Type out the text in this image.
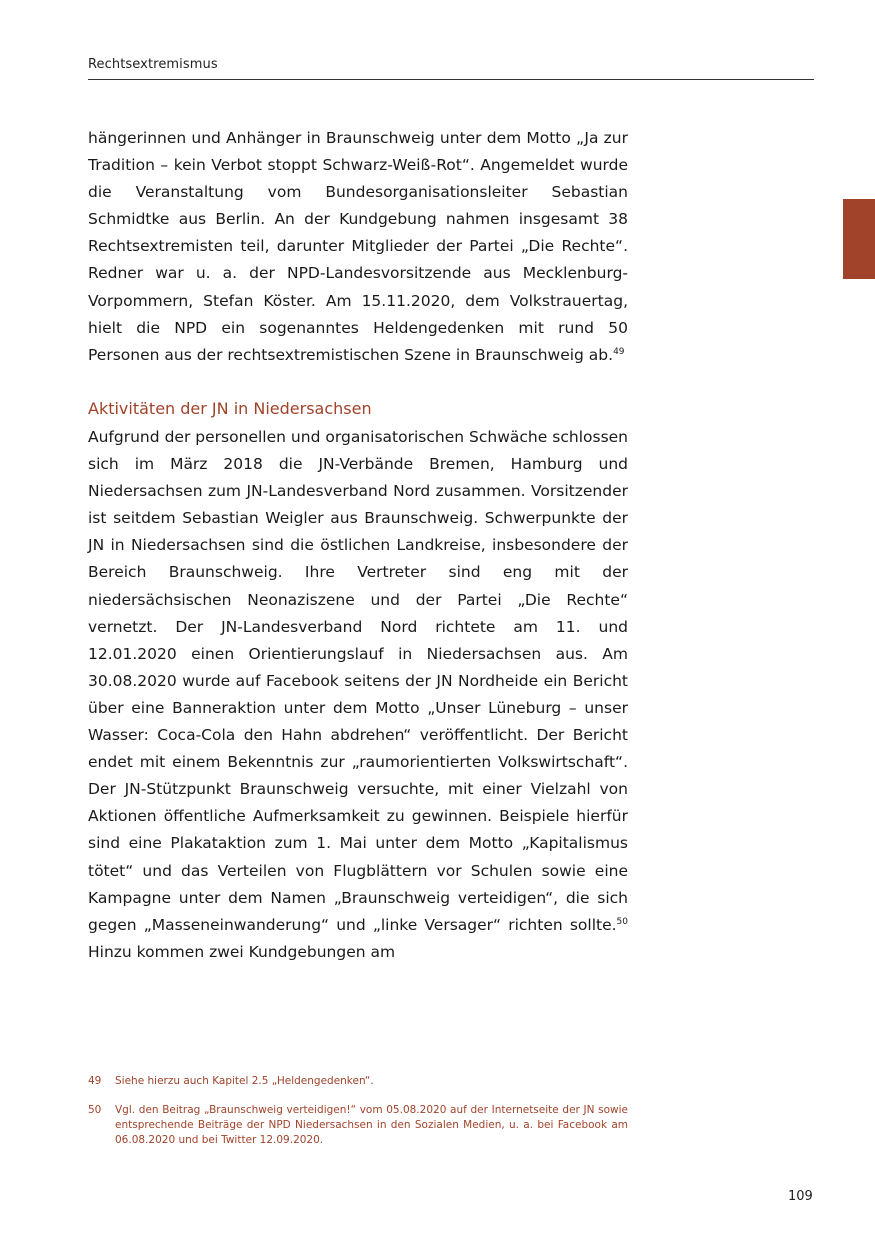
Rechtsextremismus

hängerinnen und Anhänger in Braunschweig unter dem Motto „Ja zur Tradition – kein Verbot stoppt Schwarz-Weiß-Rot“. Angemeldet wurde die Veranstaltung vom Bundesorganisationsleiter Sebastian Schmidtke aus Berlin. An der Kundgebung nahmen insgesamt 38 Rechtsextremisten teil, darunter Mitglieder der Partei „Die Rechte“. Redner war u. a. der NPD-Landesvorsitzende aus Mecklenburg-Vorpommern, Stefan Köster. Am 15.11.2020, dem Volkstrauertag, hielt die NPD ein sogenanntes Heldengedenken mit rund 50 Personen aus der rechtsextremistischen Szene in Braunschweig ab.$^{49}$

Aktivitäten der JN in Niedersachsen

Aufgrund der personellen und organisatorischen Schwäche schlossen sich im März 2018 die JN-Verbände Bremen, Hamburg und Niedersachsen zum JN-Landesverband Nord zusammen. Vorsitzender ist seitdem Sebastian Weigler aus Braunschweig. Schwerpunkte der JN in Niedersachsen sind die östlichen Landkreise, insbesondere der Bereich Braunschweig. Ihre Vertreter sind eng mit der niedersächsischen Neonaziszene und der Partei „Die Rechte“ vernetzt. Der JN-Landesverband Nord richtete am 11. und 12.01.2020 einen Orientierungslauf in Niedersachsen aus. Am 30.08.2020 wurde auf Facebook seitens der JN Nordheide ein Bericht über eine Banneraktion unter dem Motto „Unser Lüneburg – unser Wasser: Coca-Cola den Hahn abdrehen“ veröffentlicht. Der Bericht endet mit einem Bekenntnis zur „raumorientierten Volkswirtschaft“. Der JN-Stützpunkt Braunschweig versuchte, mit einer Vielzahl von Aktionen öffentliche Aufmerksamkeit zu gewinnen. Beispiele hierfür sind eine Plakataktion zum 1. Mai unter dem Motto „Kapitalismus tötet“ und das Verteilen von Flugblättern vor Schulen sowie eine Kampagne unter dem Namen „Braunschweig verteidigen“, die sich gegen „Masseneinwanderung“ und „linke Versager“ richten sollte.$^{50}$ Hinzu kommen zwei Kundgebungen am

49	Siehe hierzu auch Kapitel 2.5 „Heldengedenken“.
50	Vgl. den Beitrag „Braunschweig verteidigen!“ vom 05.08.2020 auf der Internetseite der JN sowie entsprechende Beiträge der NPD Niedersachsen in den Sozialen Medien, u. a. bei Facebook am 06.08.2020 und bei Twitter 12.09.2020.
109
